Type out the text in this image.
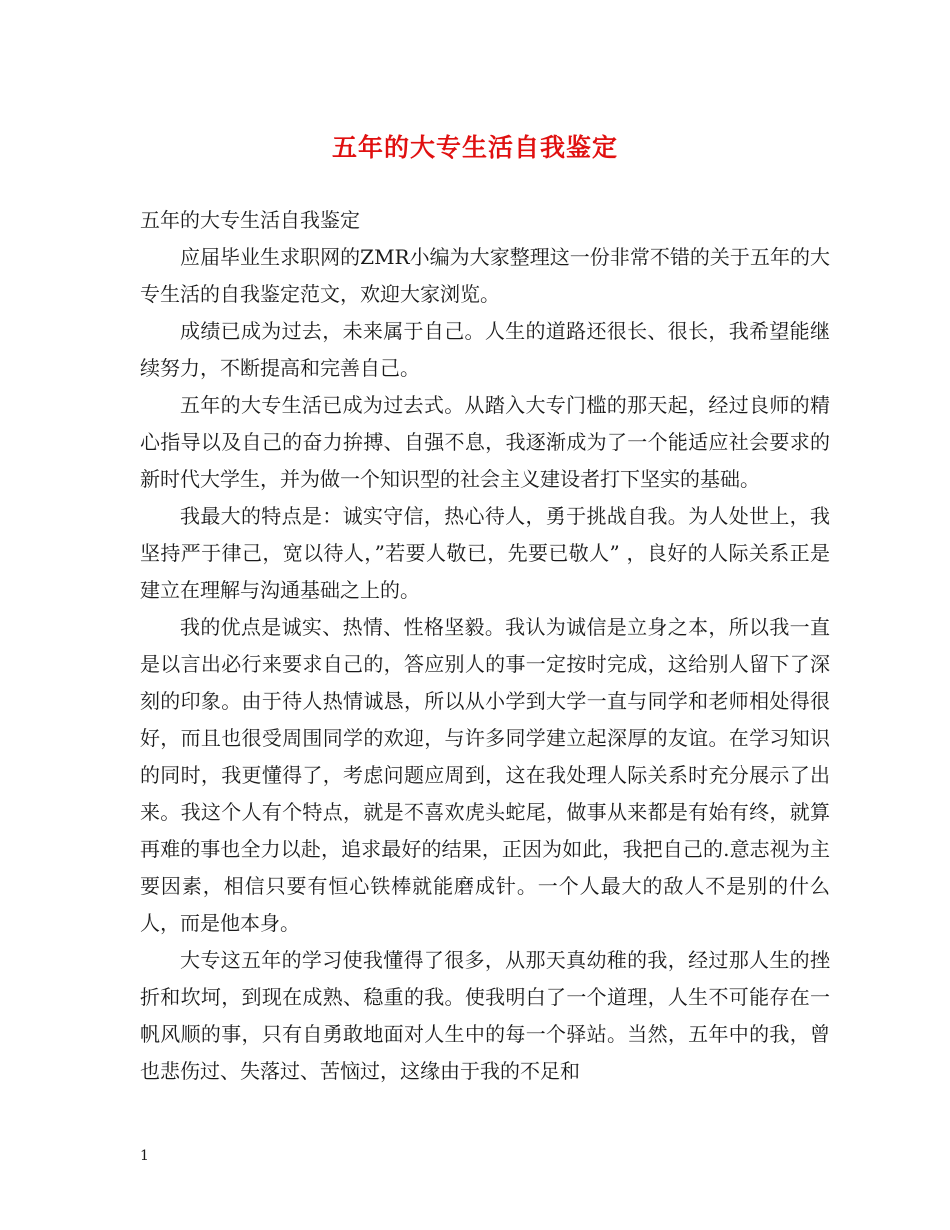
五年的大专生活自我鉴定

五年的大专生活自我鉴定

应届毕业生求职网的ZMR小编为大家整理这一份非常不错的关于五年的大专生活的自我鉴定范文，欢迎大家浏览。

成绩已成为过去，未来属于自己。人生的道路还很长、很长，我希望能继续努力，不断提高和完善自己。

五年的大专生活已成为过去式。从踏入大专门槛的那天起，经过良师的精心指导以及自己的奋力拚搏、自强不息，我逐渐成为了一个能适应社会要求的新时代大学生，并为做一个知识型的社会主义建设者打下坚实的基础。

我最大的特点是：诚实守信，热心待人，勇于挑战自我。为人处世上，我坚持严于律己，宽以待人，”若要人敬已，先要已敬人” ，良好的人际关系正是建立在理解与沟通基础之上的。

我的优点是诚实、热情、性格坚毅。我认为诚信是立身之本，所以我一直是以言出必行来要求自己的，答应别人的事一定按时完成，这给别人留下了深刻的印象。由于待人热情诚恳，所以从小学到大学一直与同学和老师相处得很好，而且也很受周围同学的欢迎，与许多同学建立起深厚的友谊。在学习知识的同时，我更懂得了，考虑问题应周到，这在我处理人际关系时充分展示了出来。我这个人有个特点，就是不喜欢虎头蛇尾，做事从来都是有始有终，就算再难的事也全力以赴，追求最好的结果，正因为如此，我把自己的.意志视为主要因素，相信只要有恒心铁棒就能磨成针。一个人最大的敌人不是别的什么人，而是他本身。

大专这五年的学习使我懂得了很多，从那天真幼稚的我，经过那人生的挫折和坎坷，到现在成熟、稳重的我。使我明白了一个道理，人生不可能存在一帆风顺的事，只有自勇敢地面对人生中的每一个驿站。当然，五年中的我，曾也悲伤过、失落过、苦恼过，这缘由于我的不足和

1
